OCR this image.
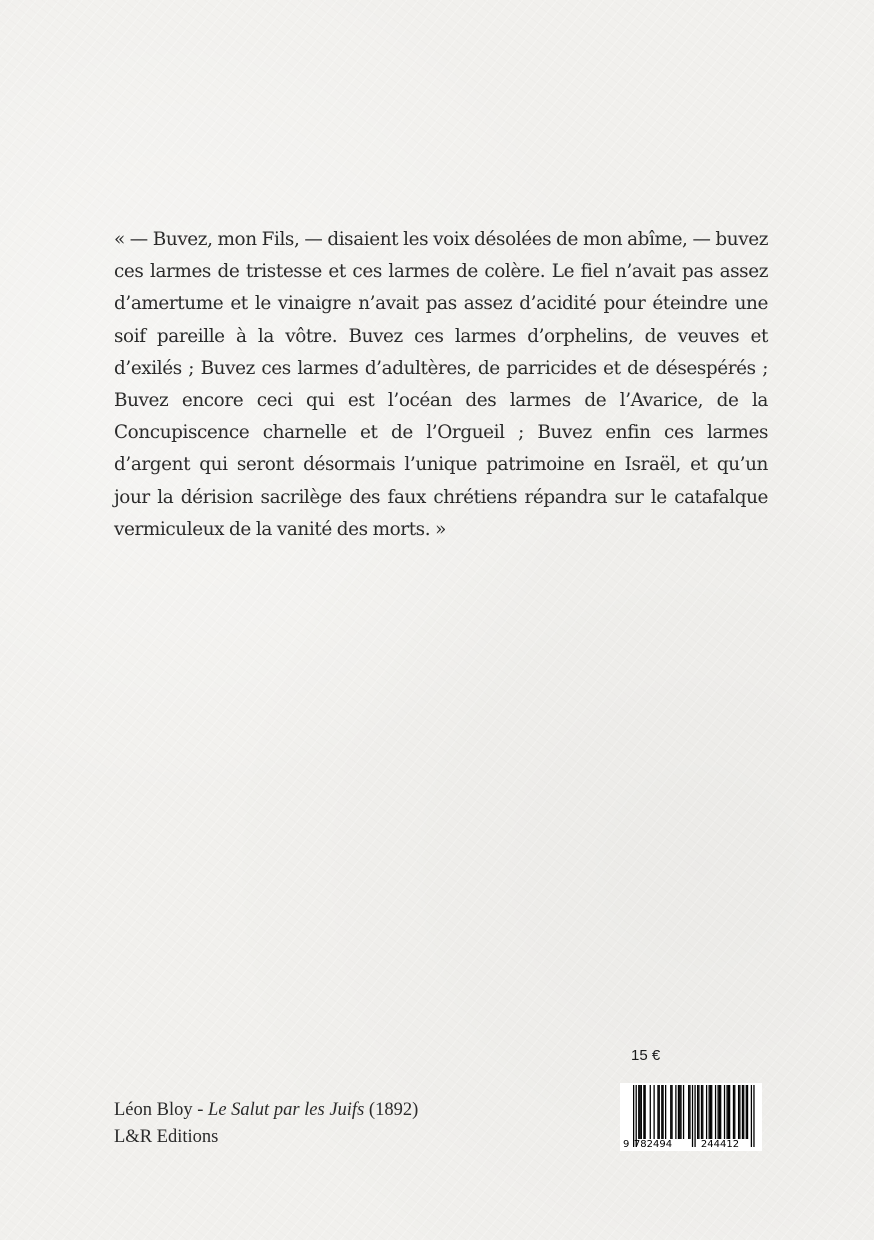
« — Buvez, mon Fils, — disaient les voix désolées de mon abîme, — buvez ces larmes de tristesse et ces larmes de colère. Le fiel n’avait pas assez d’amertume et le vinaigre n’avait pas assez d’acidité pour éteindre une soif pareille à la vôtre. Buvez ces larmes d’orphelins, de veuves et d’exilés ; Buvez ces larmes d’adultères, de parricides et de désespérés ; Buvez encore ceci qui est l’océan des larmes de l’Avarice, de la Concupiscence charnelle et de l’Orgueil ; Buvez enfin ces larmes d’argent qui seront désormais l’unique patrimoine en Israël, et qu’un jour la dérision sacrilège des faux chrétiens répandra sur le catafalque vermiculeux de la vanité des morts. »

Léon Bloy - Le Salut par les Juifs (1892)
L&R Editions
15 €
9 782494	244412
